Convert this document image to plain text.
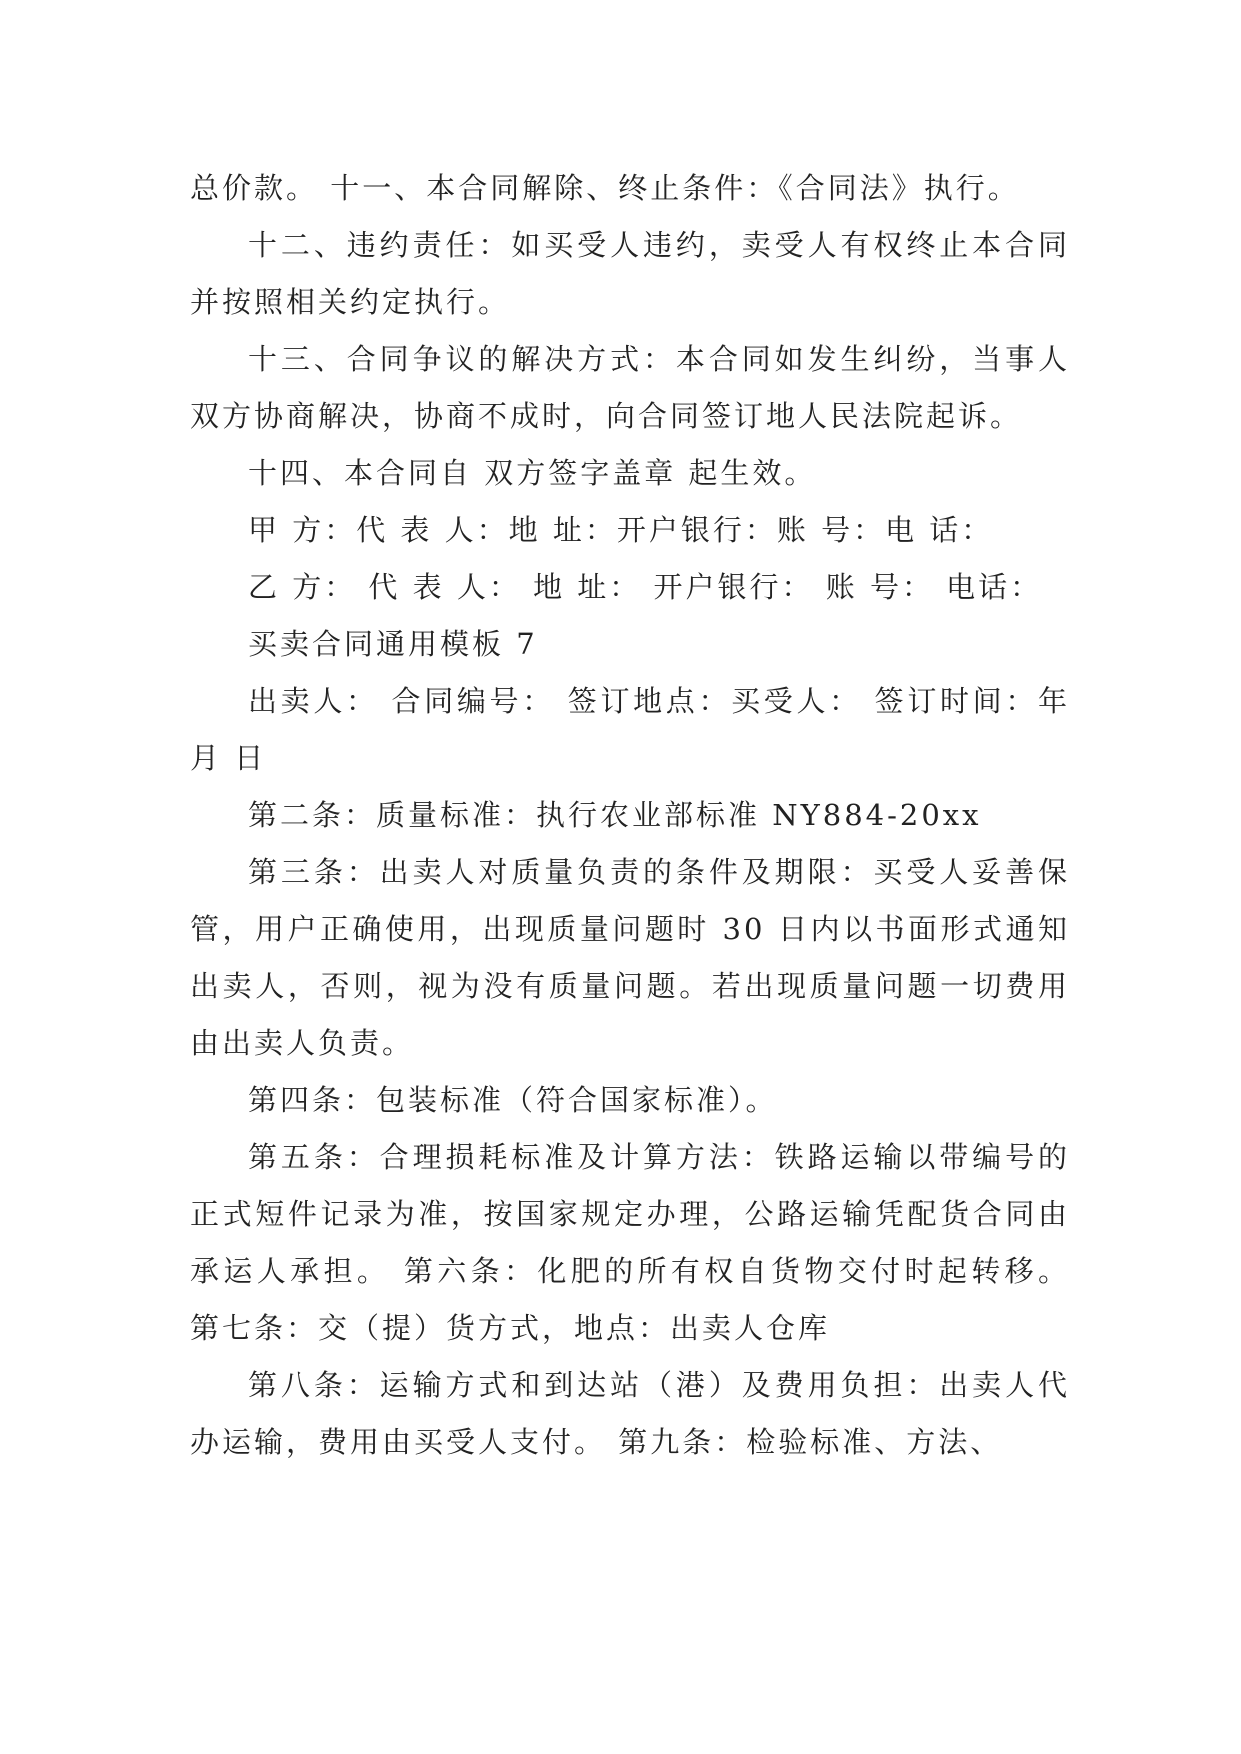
总价款。 十一、本合同解除、终止条件：《合同法》执行。

十二、违约责任：如买受人违约，卖受人有权终止本合同并按照相关约定执行。

十三、合同争议的解决方式：本合同如发生纠纷，当事人双方协商解决，协商不成时，向合同签订地人民法院起诉。

十四、本合同自 双方签字盖章 起生效。

甲 方：代 表 人：地 址：开户银行：账 号：电 话：

乙 方： 代 表 人： 地 址： 开户银行： 账 号： 电话：

买卖合同通用模板 7

出卖人： 合同编号： 签订地点：买受人： 签订时间：年月 日

第二条：质量标准：执行农业部标准 NY884-20xx

第三条：出卖人对质量负责的条件及期限：买受人妥善保管，用户正确使用，出现质量问题时 30 日内以书面形式通知出卖人，否则，视为没有质量问题。若出现质量问题一切费用由出卖人负责。

第四条：包装标准（符合国家标准）。

第五条：合理损耗标准及计算方法：铁路运输以带编号的正式短件记录为准，按国家规定办理，公路运输凭配货合同由承运人承担。 第六条：化肥的所有权自货物交付时起转移。 第七条：交（提）货方式，地点：出卖人仓库

第八条：运输方式和到达站（港）及费用负担：出卖人代办运输，费用由买受人支付。 第九条：检验标准、方法、
